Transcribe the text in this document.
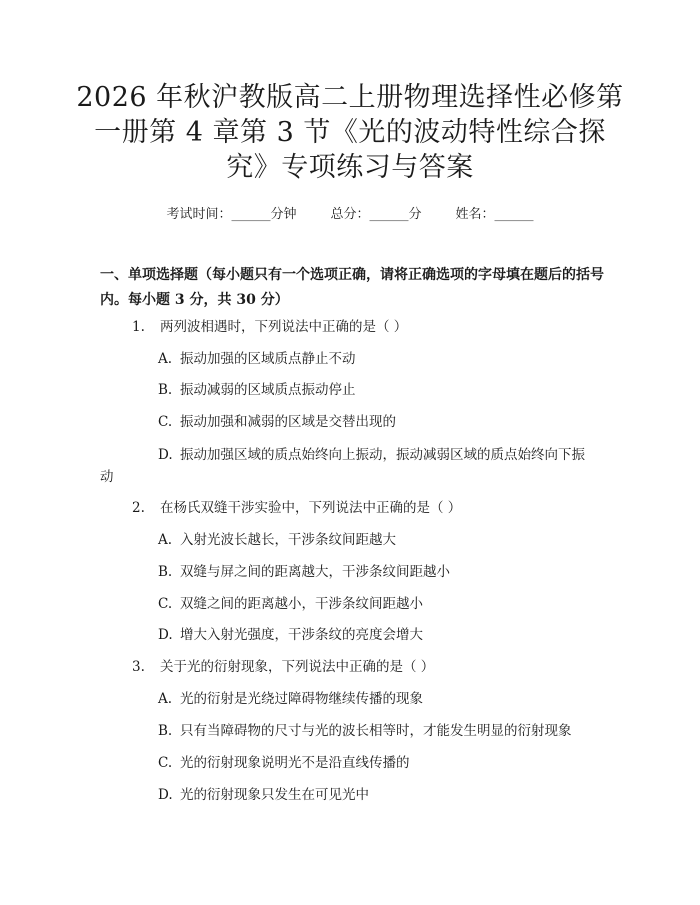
2026 年秋沪教版高二上册物理选择性必修第
一册第 4 章第 3 节《光的波动特性综合探
究》专项练习与答案
考试时间：______分钟	总分：______分	姓名：______
一、单项选择题（每小题只有一个选项正确，请将正确选项的字母填在题后的括号内。每小题 3 分，共 30 分）
1. 两列波相遇时，下列说法中正确的是（ ）
A. 振动加强的区域质点静止不动
B. 振动减弱的区域质点振动停止
C. 振动加强和减弱的区域是交替出现的
D. 振动加强区域的质点始终向上振动，振动减弱区域的质点始终向下振
动
2. 在杨氏双缝干涉实验中，下列说法中正确的是（ ）
A. 入射光波长越长，干涉条纹间距越大
B. 双缝与屏之间的距离越大，干涉条纹间距越小
C. 双缝之间的距离越小，干涉条纹间距越小
D. 增大入射光强度，干涉条纹的亮度会增大
3. 关于光的衍射现象，下列说法中正确的是（ ）
A. 光的衍射是光绕过障碍物继续传播的现象
B. 只有当障碍物的尺寸与光的波长相等时，才能发生明显的衍射现象
C. 光的衍射现象说明光不是沿直线传播的
D. 光的衍射现象只发生在可见光中
